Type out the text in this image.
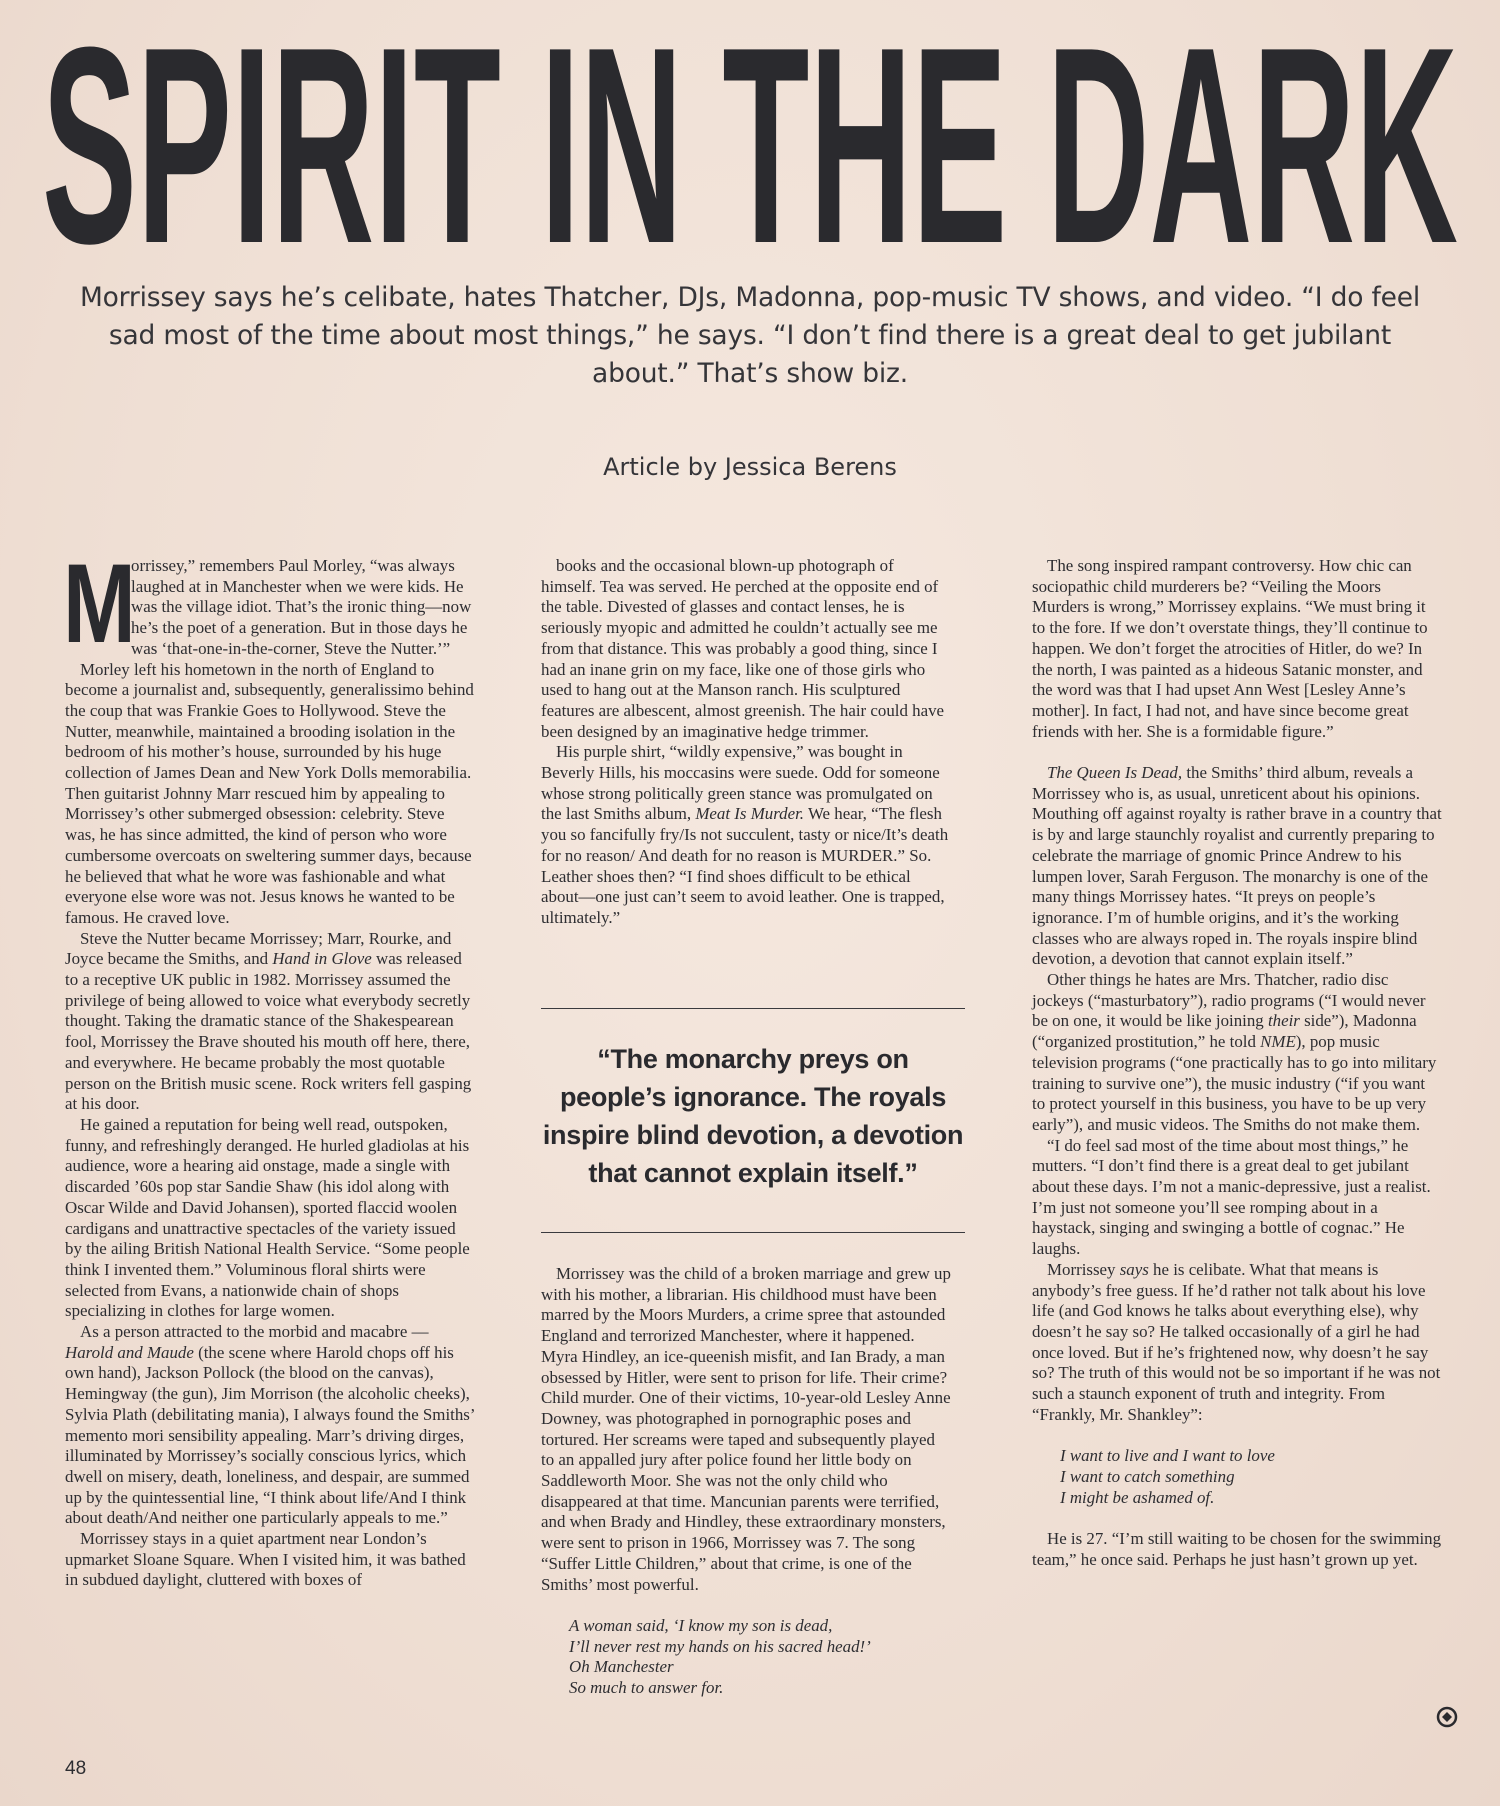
SPIRIT IN THE DARK

Morrissey says he’s celibate, hates Thatcher, DJs, Madonna, pop-music TV shows, and video. “I do feel sad most of the time about most things,” he says. “I don’t find there is a great deal to get jubilant about.” That’s show biz.

Article by Jessica Berens
M

orrissey,” remembers Paul Morley, “was always laughed at in Manchester when we were kids. He was the village idiot. That’s the ironic thing—now he’s the poet of a generation. But in those days he was ‘that-one-in-the-corner, Steve the Nutter.’”

Morley left his hometown in the north of England to become a journalist and, subsequently, generalissimo behind the coup that was Frankie Goes to Hollywood. Steve the Nutter, meanwhile, maintained a brooding isolation in the bedroom of his mother’s house, surrounded by his huge collection of James Dean and New York Dolls memorabilia. Then guitarist Johnny Marr rescued him by appealing to Morrissey’s other submerged obsession: celebrity. Steve was, he has since admitted, the kind of person who wore cumbersome overcoats on sweltering summer days, because he believed that what he wore was fashionable and what everyone else wore was not. Jesus knows he wanted to be famous. He craved love.

Steve the Nutter became Morrissey; Marr, Rourke, and Joyce became the Smiths, and Hand in Glove was released to a receptive UK public in 1982. Morrissey assumed the privilege of being allowed to voice what everybody secretly thought. Taking the dramatic stance of the Shakespearean fool, Morrissey the Brave shouted his mouth off here, there, and everywhere. He became probably the most quotable person on the British music scene. Rock writers fell gasping at his door.

He gained a reputation for being well read, outspoken, funny, and refreshingly deranged. He hurled gladiolas at his audience, wore a hearing aid onstage, made a single with discarded ’60s pop star Sandie Shaw (his idol along with Oscar Wilde and David Johansen), sported flaccid woolen cardigans and unattractive spectacles of the variety issued by the ailing British National Health Service. “Some people think I invented them.” Voluminous floral shirts were selected from Evans, a nationwide chain of shops specializing in clothes for large women.

As a person attracted to the morbid and macabre —Harold and Maude (the scene where Harold chops off his own hand), Jackson Pollock (the blood on the canvas), Hemingway (the gun), Jim Morrison (the alcoholic cheeks), Sylvia Plath (debilitating mania), I always found the Smiths’ memento mori sensibility appealing. Marr’s driving dirges, illuminated by Morrissey’s socially conscious lyrics, which dwell on misery, death, loneliness, and despair, are summed up by the quintessential line, “I think about life/And I think about death/And neither one particularly appeals to me.”

Morrissey stays in a quiet apartment near London’s upmarket Sloane Square. When I visited him, it was bathed in subdued daylight, cluttered with boxes of

books and the occasional blown-up photograph of himself. Tea was served. He perched at the opposite end of the table. Divested of glasses and contact lenses, he is seriously myopic and admitted he couldn’t actually see me from that distance. This was probably a good thing, since I had an inane grin on my face, like one of those girls who used to hang out at the Manson ranch. His sculptured features are albescent, almost greenish. The hair could have been designed by an imaginative hedge trimmer.

His purple shirt, “wildly expensive,” was bought in Beverly Hills, his moccasins were suede. Odd for someone whose strong politically green stance was promulgated on the last Smiths album, Meat Is Murder. We hear, “The flesh you so fancifully fry/Is not succulent, tasty or nice/It’s death for no reason/ And death for no reason is MURDER.” So. Leather shoes then? “I find shoes difficult to be ethical about—one just can’t seem to avoid leather. One is trapped, ultimately.”

“The monarchy preys on people’s ignorance. The royals inspire blind devotion, a devotion that cannot explain itself.”

Morrissey was the child of a broken marriage and grew up with his mother, a librarian. His childhood must have been marred by the Moors Murders, a crime spree that astounded England and terrorized Manchester, where it happened. Myra Hindley, an ice-queenish misfit, and Ian Brady, a man obsessed by Hitler, were sent to prison for life. Their crime? Child murder. One of their victims, 10-year-old Lesley Anne Downey, was photographed in pornographic poses and tortured. Her screams were taped and subsequently played to an appalled jury after police found her little body on Saddleworth Moor. She was not the only child who disappeared at that time. Mancunian parents were terrified, and when Brady and Hindley, these extraordinary monsters, were sent to prison in 1966, Morrissey was 7. The song “Suffer Little Children,” about that crime, is one of the Smiths’ most powerful.

A woman said, ‘I know my son is dead,
I’ll never rest my hands on his sacred head!’
Oh Manchester
So much to answer for.

The song inspired rampant controversy. How chic can sociopathic child murderers be? “Veiling the Moors Murders is wrong,” Morrissey explains. “We must bring it to the fore. If we don’t overstate things, they’ll continue to happen. We don’t forget the atrocities of Hitler, do we? In the north, I was painted as a hideous Satanic monster, and the word was that I had upset Ann West [Lesley Anne’s mother]. In fact, I had not, and have since become great friends with her. She is a formidable figure.”

The Queen Is Dead, the Smiths’ third album, reveals a Morrissey who is, as usual, unreticent about his opinions. Mouthing off against royalty is rather brave in a country that is by and large staunchly royalist and currently preparing to celebrate the marriage of gnomic Prince Andrew to his lumpen lover, Sarah Ferguson. The monarchy is one of the many things Morrissey hates. “It preys on people’s ignorance. I’m of humble origins, and it’s the working classes who are always roped in. The royals inspire blind devotion, a devotion that cannot explain itself.”

Other things he hates are Mrs. Thatcher, radio disc jockeys (“masturbatory”), radio programs (“I would never be on one, it would be like joining their side”), Madonna (“organized prostitution,” he told NME), pop music television programs (“one practically has to go into military training to survive one”), the music industry (“if you want to protect yourself in this business, you have to be up very early”), and music videos. The Smiths do not make them.

“I do feel sad most of the time about most things,” he mutters. “I don’t find there is a great deal to get jubilant about these days. I’m not a manic-depressive, just a realist. I’m just not someone you’ll see romping about in a haystack, singing and swinging a bottle of cognac.” He laughs.

Morrissey says he is celibate. What that means is anybody’s free guess. If he’d rather not talk about his love life (and God knows he talks about everything else), why doesn’t he say so? He talked occasionally of a girl he had once loved. But if he’s frightened now, why doesn’t he say so? The truth of this would not be so important if he was not such a staunch exponent of truth and integrity. From “Frankly, Mr. Shankley”:

I want to live and I want to love
I want to catch something
I might be ashamed of.

He is 27. “I’m still waiting to be chosen for the swimming team,” he once said. Perhaps he just hasn’t grown up yet.

48
